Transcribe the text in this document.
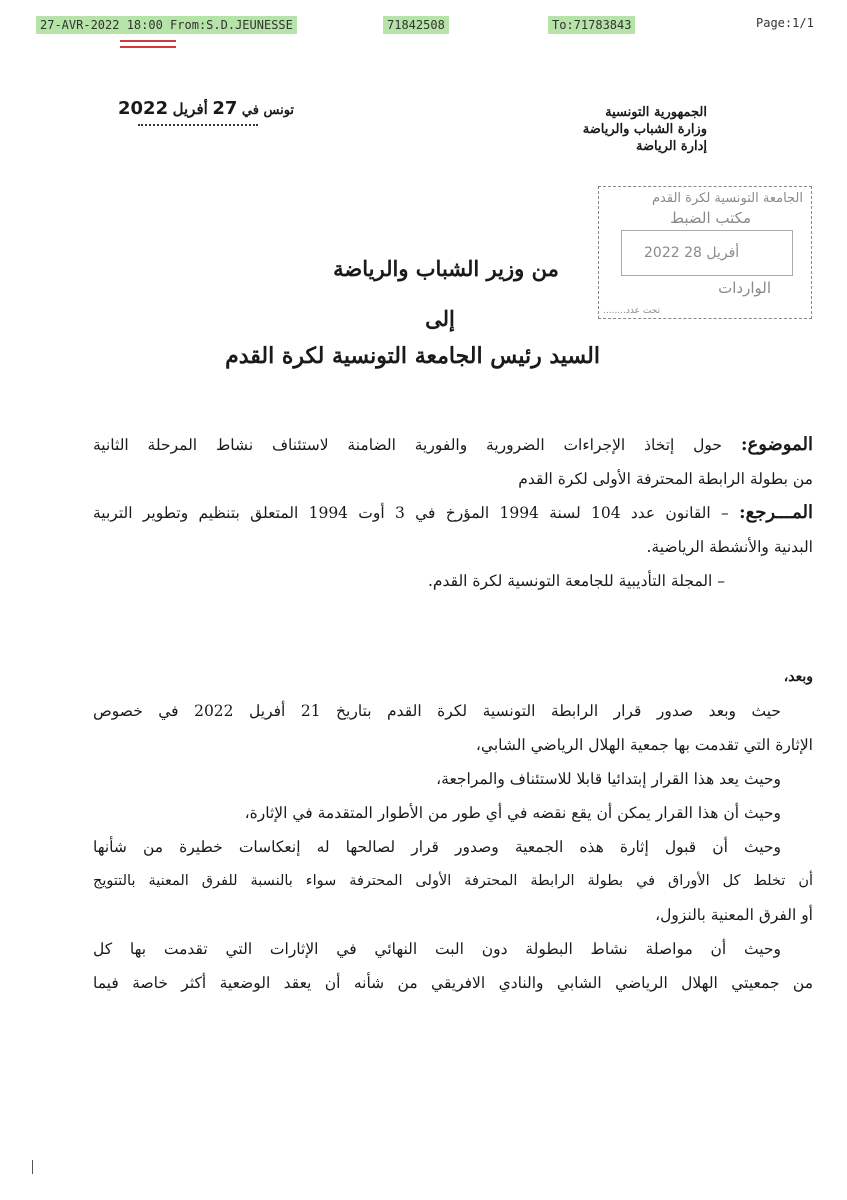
27-AVR-2022 18:00 From:S.D.JEUNESSE	71842508	To:71783843	Page:1/1
الجمهورية التونسية
وزارة الشباب والرياضة
إدارة الرياضة
تونس في 27 أفريل 2022
الجامعة التونسية لكرة القدم
مكتب الضبط
2022 أفريل 28
الواردات
تحت عدد........
من وزير الشباب والرياضة
إلى
السيد رئيس الجامعة التونسية لكرة القدم
الموضوع: حول إتخاذ الإجراءات الضرورية والفورية الضامنة لاستئناف نشاط المرحلة الثانية
من بطولة الرابطة المحترفة الأولى لكرة القدم
المـــرجع: – القانون عدد 104 لسنة 1994 المؤرخ في 3 أوت 1994 المتعلق بتنظيم وتطوير التربية
البدنية والأنشطة الرياضية.
– المجلة التأديبية للجامعة التونسية لكرة القدم.
وبعد،
حيث وبعد صدور قرار الرابطة التونسية لكرة القدم بتاريخ 21 أفريل 2022 في خصوص
الإثارة التي تقدمت بها جمعية الهلال الرياضي الشابي،
وحيث يعد هذا القرار إبتدائيا قابلا للاستئناف والمراجعة،
وحيث أن هذا القرار يمكن أن يقع نقضه في أي طور من الأطوار المتقدمة في الإثارة،
وحيث أن قبول إثارة هذه الجمعية وصدور قرار لصالحها له إنعكاسات خطيرة من شأنها
أن تخلط كل الأوراق في بطولة الرابطة المحترفة الأولى المحترفة سواء بالنسبة للفرق المعنية بالتتويج
أو الفرق المعنية بالنزول،
وحيث أن مواصلة نشاط البطولة دون البت النهائي في الإثارات التي تقدمت بها كل
من جمعيتي الهلال الرياضي الشابي والنادي الافريقي من شأنه أن يعقد الوضعية أكثر خاصة فيما
